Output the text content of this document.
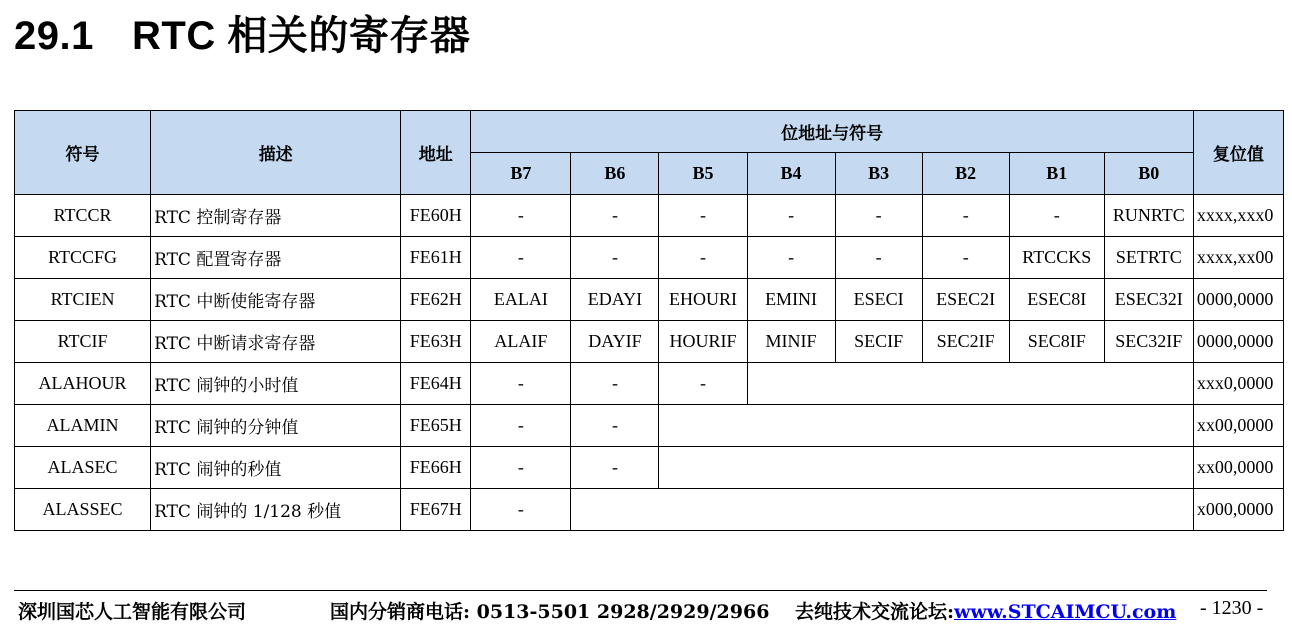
29.1 RTC 相关的寄存器
符号	描述	地址	位地址与符号								复位值
			B7	B6	B5	B4	B3	B2	B1	B0	
RTCCR	RTC 控制寄存器	FE60H	-	-	-	-	-	-	-	RUNRTC	xxxx,xxx0
RTCCFG	RTC 配置寄存器	FE61H	-	-	-	-	-	-	RTCCKS	SETRTC	xxxx,xx00
RTCIEN	RTC 中断使能寄存器	FE62H	EALAI	EDAYI	EHOURI	EMINI	ESECI	ESEC2I	ESEC8I	ESEC32I	0000,0000
RTCIF	RTC 中断请求寄存器	FE63H	ALAIF	DAYIF	HOURIF	MINIF	SECIF	SEC2IF	SEC8IF	SEC32IF	0000,0000
ALAHOUR	RTC 闹钟的小时值	FE64H	-	-	-						xxx0,0000
ALAMIN	RTC 闹钟的分钟值	FE65H	-	-							xx00,0000
ALASEC	RTC 闹钟的秒值	FE66H	-	-							xx00,0000
ALASSEC	RTC 闹钟的 1/128 秒值	FE67H	-								x000,0000
深圳国芯人工智能有限公司	国内分销商电话: 0513-5501 2928/2929/2966 去纯技术交流论坛:www.STCAIMCU.com - 1230 -
